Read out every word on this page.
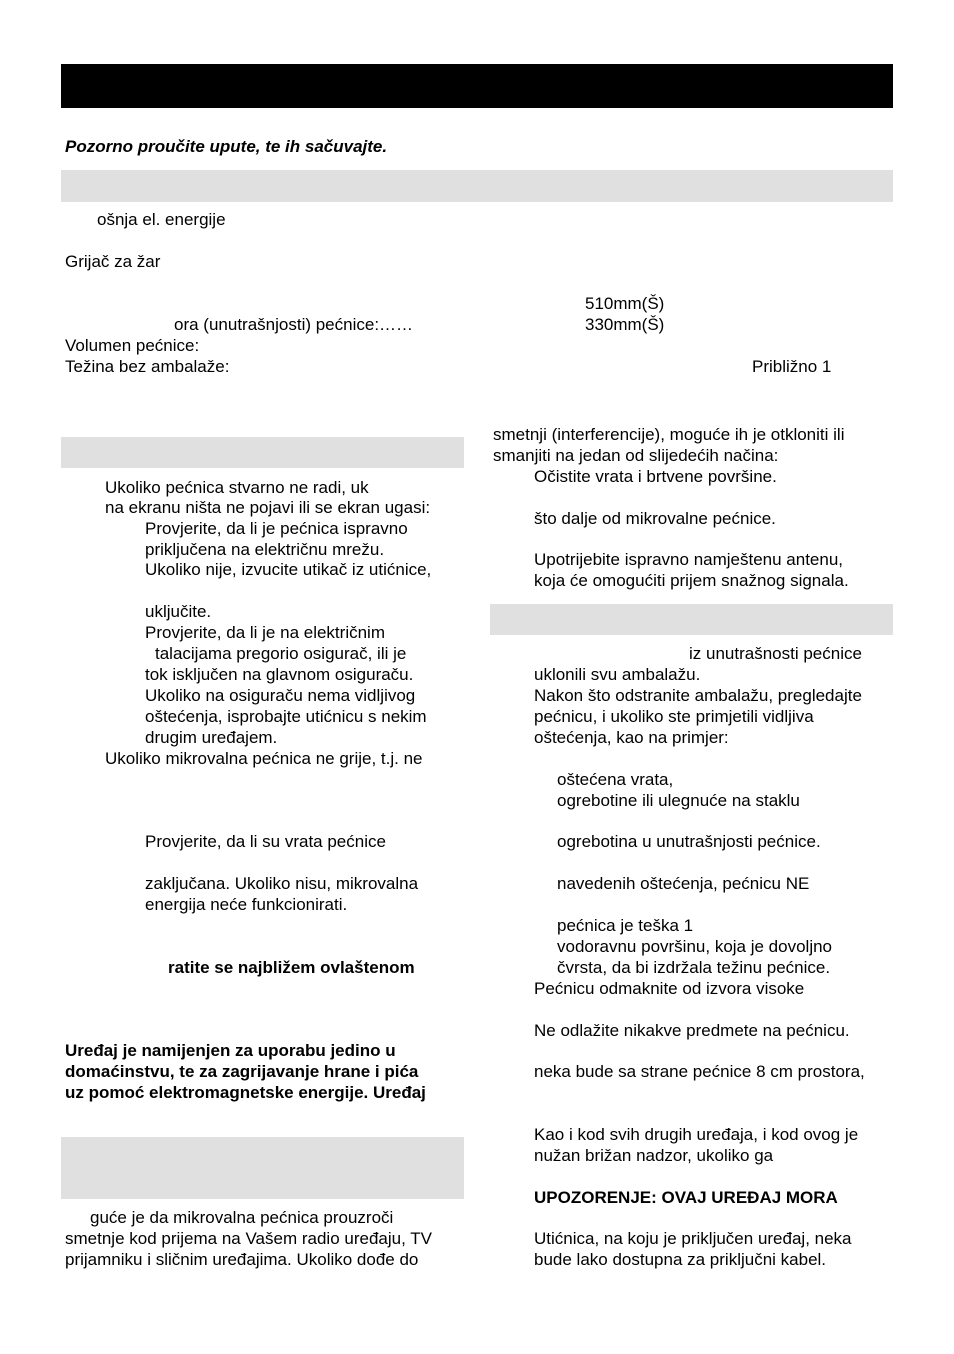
Pozorno proučite upute, te ih sačuvajte.
ošnja el. energije
Grijač za žar
510mm(Š)
ora (unutrašnjosti) pećnice:……	330mm(Š)
Volumen pećnice:
Težina bez ambalaže:	Približno 1
Ukoliko pećnica stvarno ne radi, uk
na ekranu ništa ne pojavi ili se ekran ugasi:
Provjerite, da li je pećnica ispravno
priključena na električnu mrežu.
Ukoliko nije, izvucite utikač iz utićnice,
uključite.
Provjerite, da li je na električnim
talacijama pregorio osigurač, ili je
tok isključen na glavnom osiguraču.
Ukoliko na osiguraču nema vidljivog
oštećenja, isprobajte utićnicu s nekim
drugim uređajem.
Ukoliko mikrovalna pećnica ne grije, t.j. ne
Provjerite, da li su vrata pećnice
zaključana. Ukoliko nisu, mikrovalna
energija neće funkcionirati.
ratite se najbližem ovlaštenom
Uređaj je namijenjen za uporabu jedino u
domaćinstvu, te za zagrijavanje hrane i pića
uz pomoć elektromagnetske energije. Uređaj
guće je da mikrovalna pećnica prouzroči
smetnje kod prijema na Vašem radio uređaju, TV
prijamniku i sličnim uređajima. Ukoliko dođe do
smetnji (interferencije), moguće ih je otkloniti ili
smanjiti na jedan od slijedećih načina:
Očistite vrata i brtvene površine.
što dalje od mikrovalne pećnice.
Upotrijebite ispravno namještenu antenu,
koja će omogućiti prijem snažnog signala.
iz unutrašnosti pećnice
uklonili svu ambalažu.
Nakon što odstranite ambalažu, pregledajte
pećnicu, i ukoliko ste primjetili vidljiva
oštećenja, kao na primjer:
oštećena vrata,
ogrebotine ili ulegnuće na staklu
ogrebotina u unutrašnjosti pećnice.
navedenih oštećenja, pećnicu NE
pećnica je teška 1
vodoravnu površinu, koja je dovoljno
čvrsta, da bi izdržala težinu pećnice.
Pećnicu odmaknite od izvora visoke
Ne odlažite nikakve predmete na pećnicu.
neka bude sa strane pećnice 8 cm prostora,
Kao i kod svih drugih uređaja, i kod ovog je
nužan brižan nadzor, ukoliko ga
UPOZORENJE: OVAJ UREĐAJ MORA
Utićnica, na koju je priključen uređaj, neka
bude lako dostupna za priključni kabel.
